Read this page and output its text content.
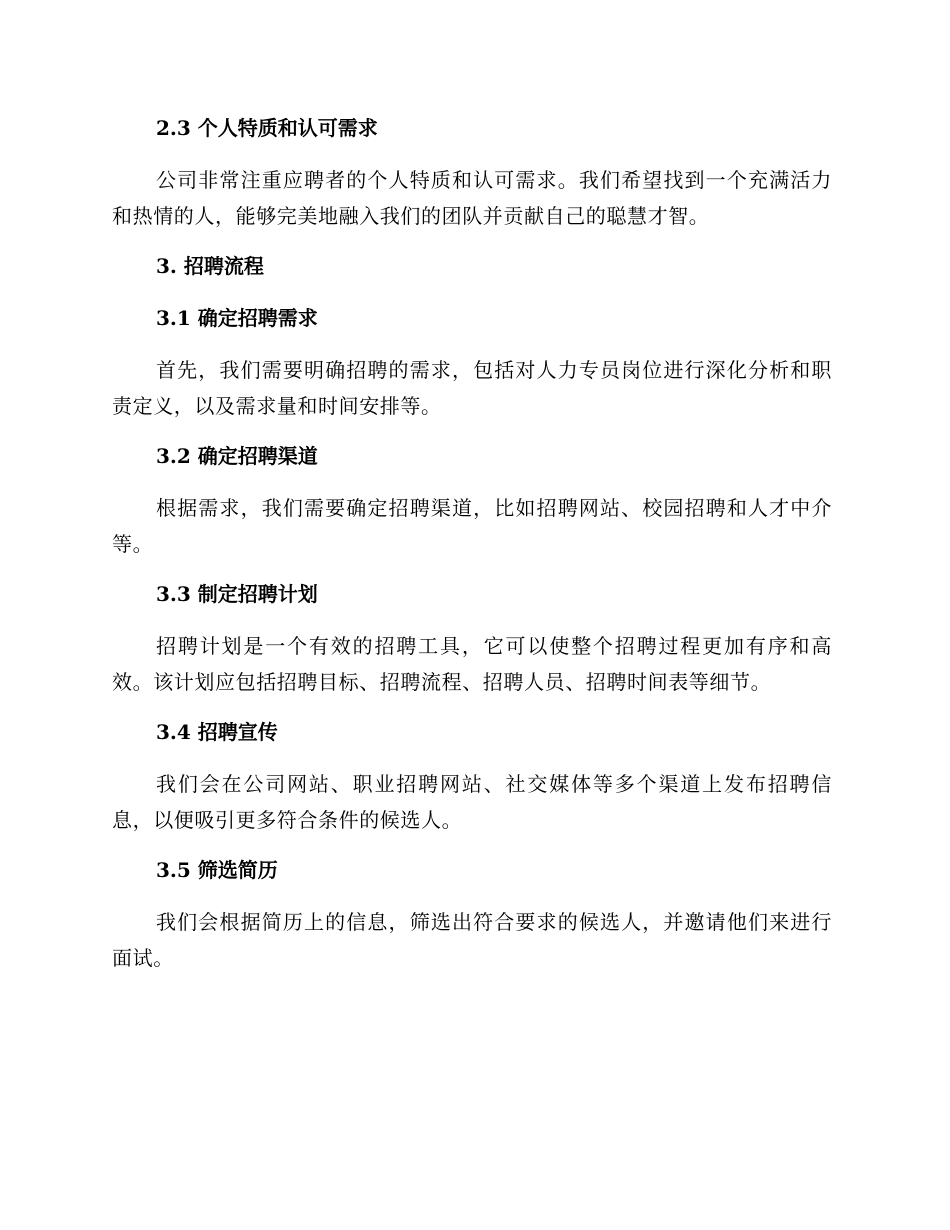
2.3 个人特质和认可需求

公司非常注重应聘者的个人特质和认可需求。我们希望找到一个充满活力和热情的人，能够完美地融入我们的团队并贡献自己的聪慧才智。

3. 招聘流程
3.1 确定招聘需求

首先，我们需要明确招聘的需求，包括对人力专员岗位进行深化分析和职责定义，以及需求量和时间安排等。

3.2 确定招聘渠道

根据需求，我们需要确定招聘渠道，比如招聘网站、校园招聘和人才中介等。

3.3 制定招聘计划

招聘计划是一个有效的招聘工具，它可以使整个招聘过程更加有序和高效。该计划应包括招聘目标、招聘流程、招聘人员、招聘时间表等细节。

3.4 招聘宣传

我们会在公司网站、职业招聘网站、社交媒体等多个渠道上发布招聘信息，以便吸引更多符合条件的候选人。

3.5 筛选简历

我们会根据简历上的信息，筛选出符合要求的候选人，并邀请他们来进行面试。
